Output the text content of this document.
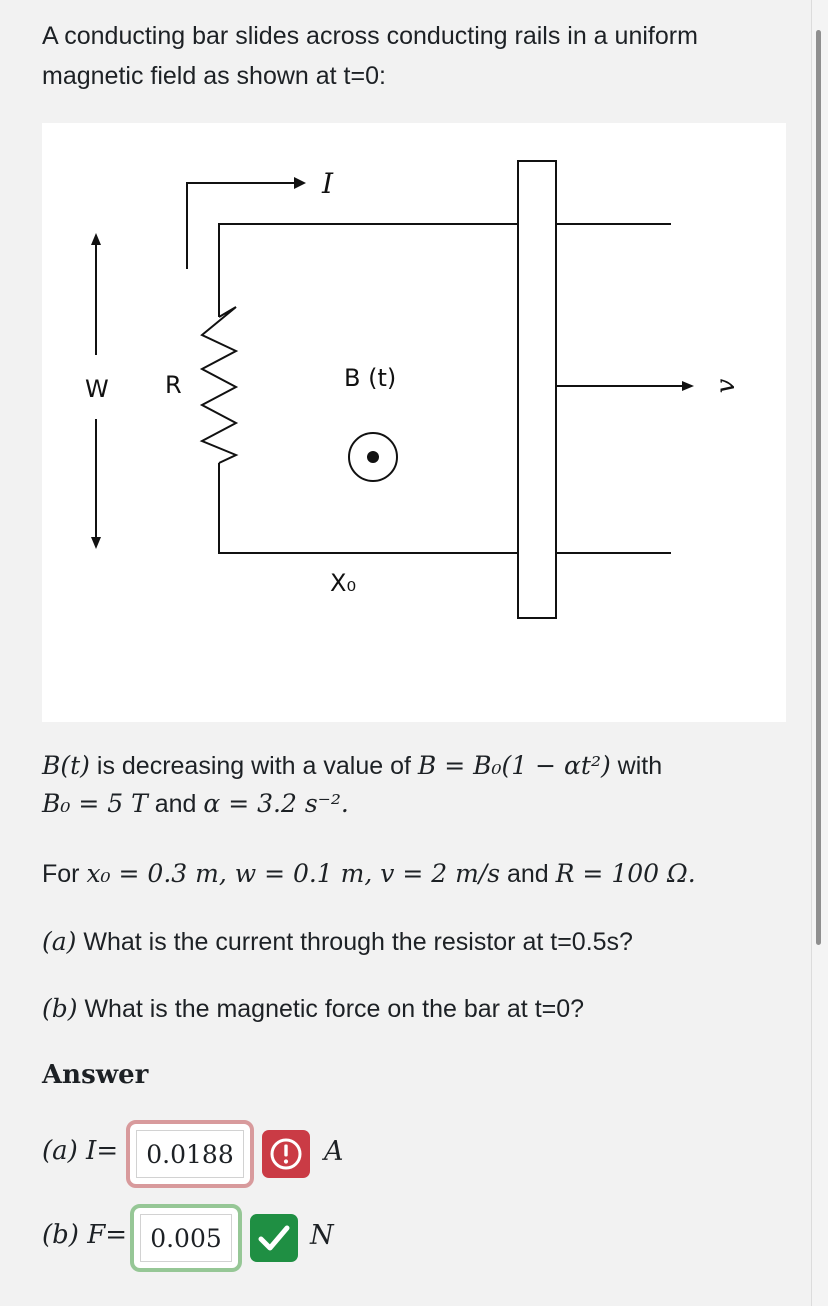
A conducting bar slides across conducting rails in a uniform magnetic field as shown at t=0:
I
W R	B (t)
X₀
v
B(t) is decreasing with a value of B = B₀(1 − αt²) with
B₀ = 5 T and α = 3.2 s⁻².
For x₀ = 0.3 m, w = 0.1 m, v = 2 m/s and R = 100 Ω.
(a) What is the current through the resistor at t=0.5s?
(b) What is the magnetic force on the bar at t=0?
Answer
(a) I=	0.0188	A
(b) F= 0.005	N
